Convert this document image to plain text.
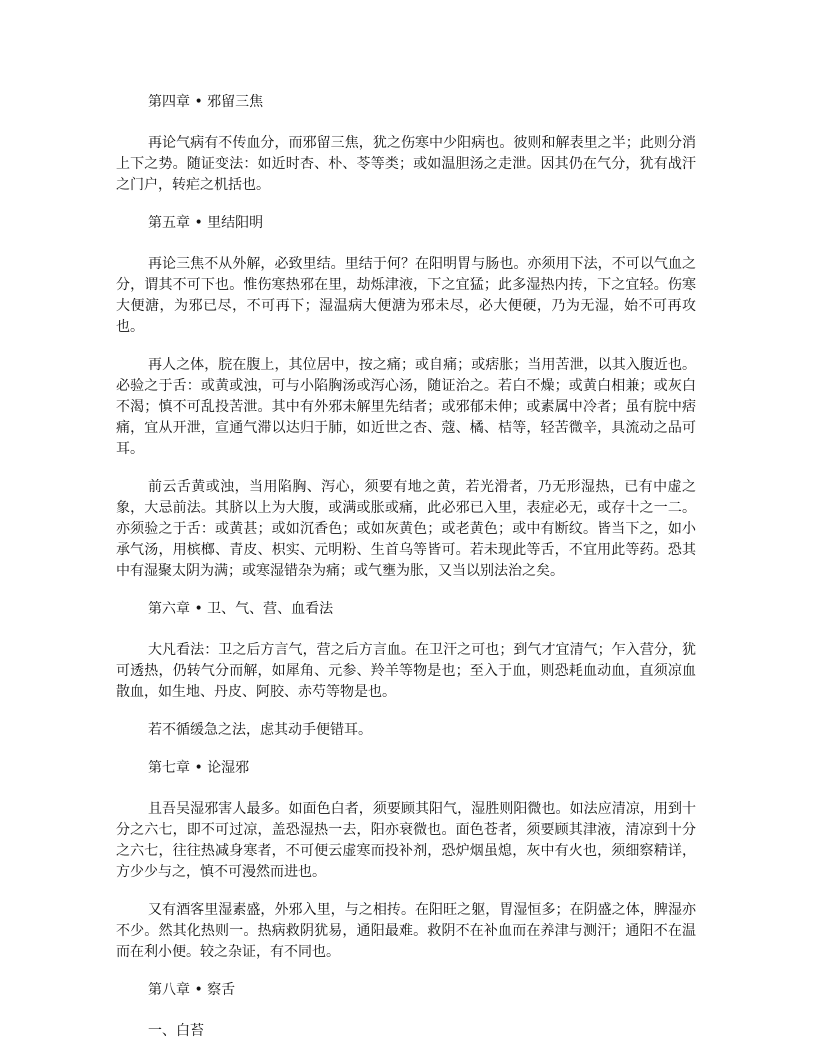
第四章 • 邪留三焦

再论气病有不传血分，而邪留三焦，犹之伤寒中少阳病也。彼则和解表里之半；此则分消上下之势。随证变法：如近时杏、朴、苓等类；或如温胆汤之走泄。因其仍在气分，犹有战汗之门户，转疟之机括也。

第五章 • 里结阳明

再论三焦不从外解，必致里结。里结于何？在阳明胃与肠也。亦须用下法，不可以气血之分，谓其不可下也。惟伤寒热邪在里，劫烁津液，下之宜猛；此多湿热内抟，下之宜轻。伤寒大便溏，为邪已尽，不可再下；湿温病大便溏为邪未尽，必大便硬，乃为无湿，始不可再攻也。

再人之体，脘在腹上，其位居中，按之痛；或自痛；或痞胀；当用苦泄，以其入腹近也。必验之于舌：或黄或浊，可与小陷胸汤或泻心汤，随证治之。若白不燥；或黄白相兼；或灰白不渴；慎不可乱投苦泄。其中有外邪未解里先结者；或邪郁未伸；或素属中冷者；虽有脘中痞痛，宜从开泄，宣通气滞以达归于肺，如近世之杏、蔻、橘、桔等，轻苦微辛，具流动之品可耳。

前云舌黄或浊，当用陷胸、泻心，须要有地之黄，若光滑者，乃无形湿热，已有中虚之象，大忌前法。其脐以上为大腹，或满或胀或痛，此必邪已入里，表症必无，或存十之一二。亦须验之于舌：或黄甚；或如沉香色；或如灰黄色；或老黄色；或中有断纹。皆当下之，如小承气汤，用槟榔、青皮、枳实、元明粉、生首乌等皆可。若未现此等舌，不宜用此等药。恐其中有湿聚太阴为满；或寒湿错杂为痛；或气壅为胀，又当以别法治之矣。

第六章 • 卫、气、营、血看法

大凡看法：卫之后方言气，营之后方言血。在卫汗之可也；到气才宜清气；乍入营分，犹可透热，仍转气分而解，如犀角、元参、羚羊等物是也；至入于血，则恐耗血动血，直须凉血散血，如生地、丹皮、阿胶、赤芍等物是也。

若不循缓急之法，虑其动手便错耳。

第七章 • 论湿邪

且吾吴湿邪害人最多。如面色白者，须要顾其阳气，湿胜则阳微也。如法应清凉，用到十分之六七，即不可过凉，盖恐湿热一去，阳亦衰微也。面色苍者，须要顾其津液，清凉到十分之六七，往往热减身寒者，不可便云虚寒而投补剂，恐炉烟虽熄，灰中有火也，须细察精详，方少少与之，慎不可漫然而进也。

又有酒客里湿素盛，外邪入里，与之相抟。在阳旺之躯，胃湿恒多；在阴盛之体，脾湿亦不少。然其化热则一。热病救阴犹易，通阳最难。救阴不在补血而在养津与测汗；通阳不在温而在利小便。较之杂证，有不同也。

第八章 • 察舌
一、白苔
